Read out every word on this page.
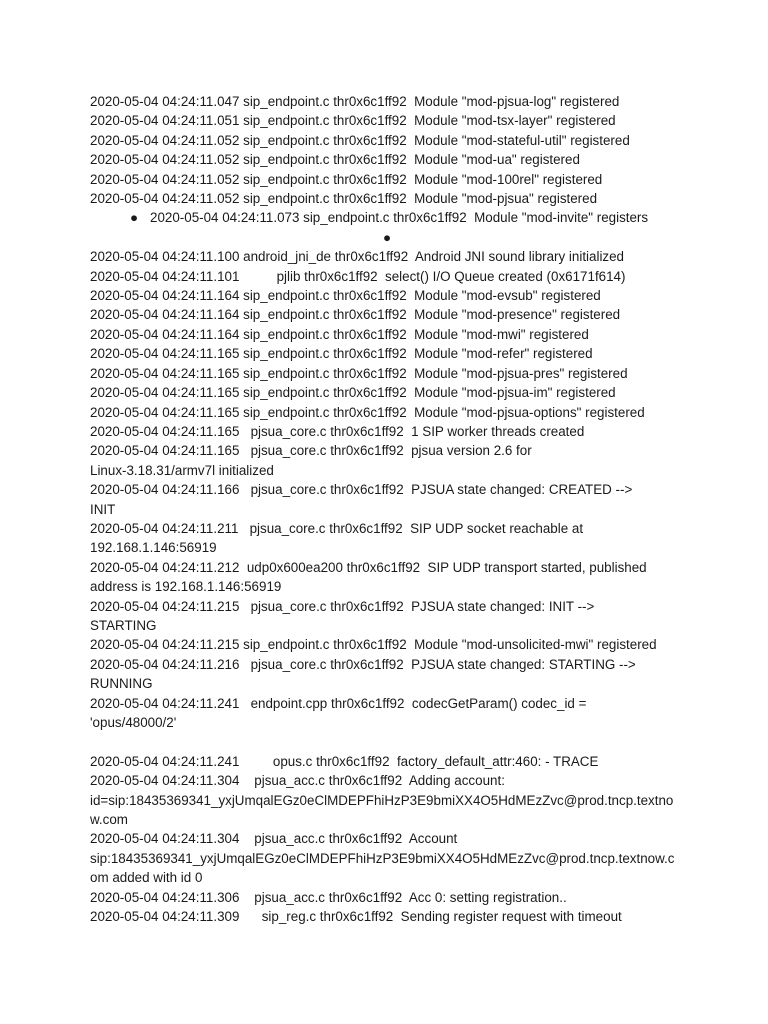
2020-05-04 04:24:11.047 sip_endpoint.c thr0x6c1ff92  Module "mod-pjsua-log" registered
2020-05-04 04:24:11.051 sip_endpoint.c thr0x6c1ff92  Module "mod-tsx-layer" registered
2020-05-04 04:24:11.052 sip_endpoint.c thr0x6c1ff92  Module "mod-stateful-util" registered
2020-05-04 04:24:11.052 sip_endpoint.c thr0x6c1ff92  Module "mod-ua" registered
2020-05-04 04:24:11.052 sip_endpoint.c thr0x6c1ff92  Module "mod-100rel" registered
2020-05-04 04:24:11.052 sip_endpoint.c thr0x6c1ff92  Module "mod-pjsua" registered
● 2020-05-04 04:24:11.073 sip_endpoint.c thr0x6c1ff92  Module "mod-invite" registers
●
2020-05-04 04:24:11.100 android_jni_de thr0x6c1ff92  Android JNI sound library initialized
2020-05-04 04:24:11.101          pjlib thr0x6c1ff92  select() I/O Queue created (0x6171f614)
2020-05-04 04:24:11.164 sip_endpoint.c thr0x6c1ff92  Module "mod-evsub" registered
2020-05-04 04:24:11.164 sip_endpoint.c thr0x6c1ff92  Module "mod-presence" registered
2020-05-04 04:24:11.164 sip_endpoint.c thr0x6c1ff92  Module "mod-mwi" registered
2020-05-04 04:24:11.165 sip_endpoint.c thr0x6c1ff92  Module "mod-refer" registered
2020-05-04 04:24:11.165 sip_endpoint.c thr0x6c1ff92  Module "mod-pjsua-pres" registered
2020-05-04 04:24:11.165 sip_endpoint.c thr0x6c1ff92  Module "mod-pjsua-im" registered
2020-05-04 04:24:11.165 sip_endpoint.c thr0x6c1ff92  Module "mod-pjsua-options" registered
2020-05-04 04:24:11.165   pjsua_core.c thr0x6c1ff92  1 SIP worker threads created
2020-05-04 04:24:11.165   pjsua_core.c thr0x6c1ff92  pjsua version 2.6 for
Linux-3.18.31/armv7l initialized
2020-05-04 04:24:11.166   pjsua_core.c thr0x6c1ff92  PJSUA state changed: CREATED -->
INIT
2020-05-04 04:24:11.211   pjsua_core.c thr0x6c1ff92  SIP UDP socket reachable at
192.168.1.146:56919
2020-05-04 04:24:11.212  udp0x600ea200 thr0x6c1ff92  SIP UDP transport started, published
address is 192.168.1.146:56919
2020-05-04 04:24:11.215   pjsua_core.c thr0x6c1ff92  PJSUA state changed: INIT -->
STARTING
2020-05-04 04:24:11.215 sip_endpoint.c thr0x6c1ff92  Module "mod-unsolicited-mwi" registered
2020-05-04 04:24:11.216   pjsua_core.c thr0x6c1ff92  PJSUA state changed: STARTING -->
RUNNING
2020-05-04 04:24:11.241   endpoint.cpp thr0x6c1ff92  codecGetParam() codec_id =
'opus/48000/2'
2020-05-04 04:24:11.241         opus.c thr0x6c1ff92  factory_default_attr:460: - TRACE
2020-05-04 04:24:11.304    pjsua_acc.c thr0x6c1ff92  Adding account:
id=sip:18435369341_yxjUmqalEGz0eClMDEPFhiHzP3E9bmiXX4O5HdMEzZvc@prod.tncp.textnow.com
2020-05-04 04:24:11.304    pjsua_acc.c thr0x6c1ff92  Account
sip:18435369341_yxjUmqalEGz0eClMDEPFhiHzP3E9bmiXX4O5HdMEzZvc@prod.tncp.textnow.com added with id 0
2020-05-04 04:24:11.306    pjsua_acc.c thr0x6c1ff92  Acc 0: setting registration..
2020-05-04 04:24:11.309      sip_reg.c thr0x6c1ff92  Sending register request with timeout
